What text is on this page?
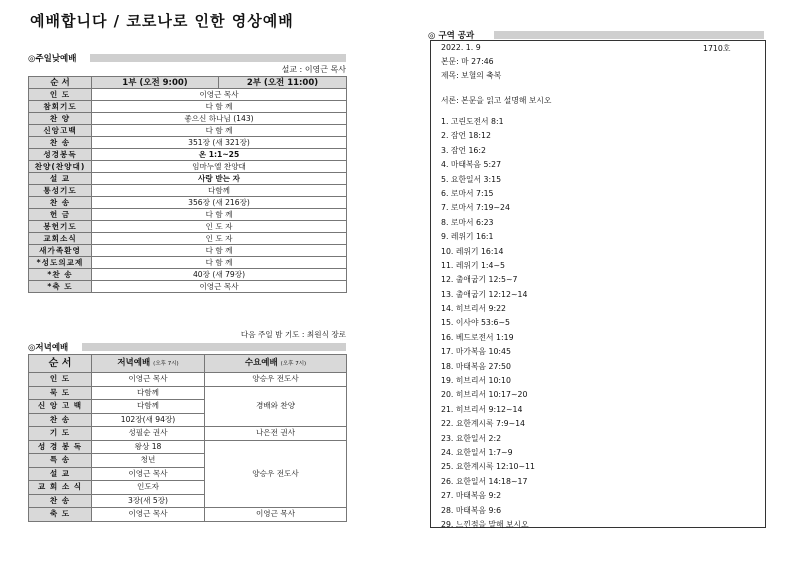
예배합니다 / 코로나로 인한 영상예배
◎주일낮예배
설교 : 이영근 목사
순 서	1부 (오전 9:00)	2부 (오전 11:00)
인 도	이영근 목사	
참회기도	다 함 께	
찬 양	좋으신 하나님 (143)	
신앙고백	다 함 께	
찬 송	351장 (새 321장)	
성경봉독	온 1:1~25	
찬양(찬양대)	임마누엘 찬양대	
설 교	사랑 받는 자	
통성기도	다함께	
찬 송	356장 (새 216장)	
헌 금	다 함 께	
봉헌기도	인 도 자	
교회소식	인 도 자	
새가족환영	다 함 께	
*성도의교제	다 함 께	
*찬 송	40장 (새 79장)	
*축 도	이영근 목사	
다음 주일 밤 기도 : 최원식 장로
◎저녁예배
순 서	저녁예배 (오후 7시)	수요예배 (오후 7시)
인 도	이영근 목사	양승우 전도사
묵 도	다함께	경배와 찬양
신 앙 고 백	다함께	
찬 송	102장(새 94장)	
기 도	성필순 권사	나은전 권사
성 경 봉 독	왕상 18	양승우 전도사
특 송	청년	
설 교	이영근 목사	
교 회 소 식	인도자	
찬 송	3장(새 5장)	
축 도	이영근 목사	이영근 목사
◎ 구역 공과
2022. 1. 9	1710호
본문: 마 27:46
제목: 보혈의 축복
서론: 본문을 읽고 설명해 보시오
1. 고린도전서 8:1
2. 잠언 18:12
3. 잠언 16:2
4. 마태복음 5:27
5. 요한일서 3:15
6. 로마서 7:15
7. 로마서 7:19~24
8. 로마서 6:23
9. 레위기 16:1
10. 레위기 16:14
11. 레위기 1:4~5
12. 출애굽기 12:5~7
13. 출애굽기 12:12~14
14. 히브리서 9:22
15. 이사야 53:6~5
16. 베드로전서 1:19
17. 마가복음 10:45
18. 마태복음 27:50
19. 히브리서 10:10
20. 히브리서 10:17~20
21. 히브리서 9:12~14
22. 요한계시록 7:9~14
23. 요한일서 2:2
24. 요한일서 1:7~9
25. 요한계시록 12:10~11
26. 요한일서 14:18~17
27. 마태복음 9:2
28. 마태복음 9:6
29. 느낀점을 말해 보시오
